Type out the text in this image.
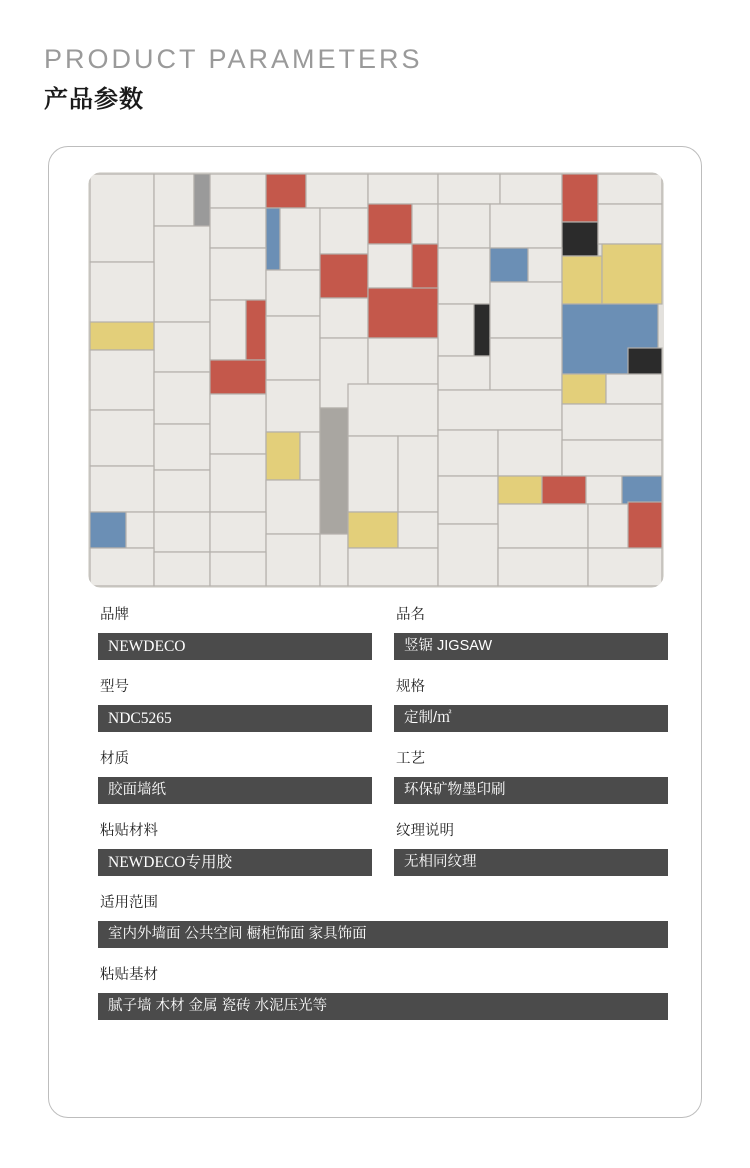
PRODUCT PARAMETERS
产品参数
品牌
NEWDECO
品名
竖锯 JIGSAW
型号
NDC5265
规格
定制/㎡
材质
胶面墙纸
工艺
环保矿物墨印刷
粘贴材料
NEWDECO专用胶
纹理说明
无相同纹理
适用范围
室内外墙面 公共空间 橱柜饰面 家具饰面
粘贴基材
腻子墙 木材 金属 瓷砖 水泥压光等
